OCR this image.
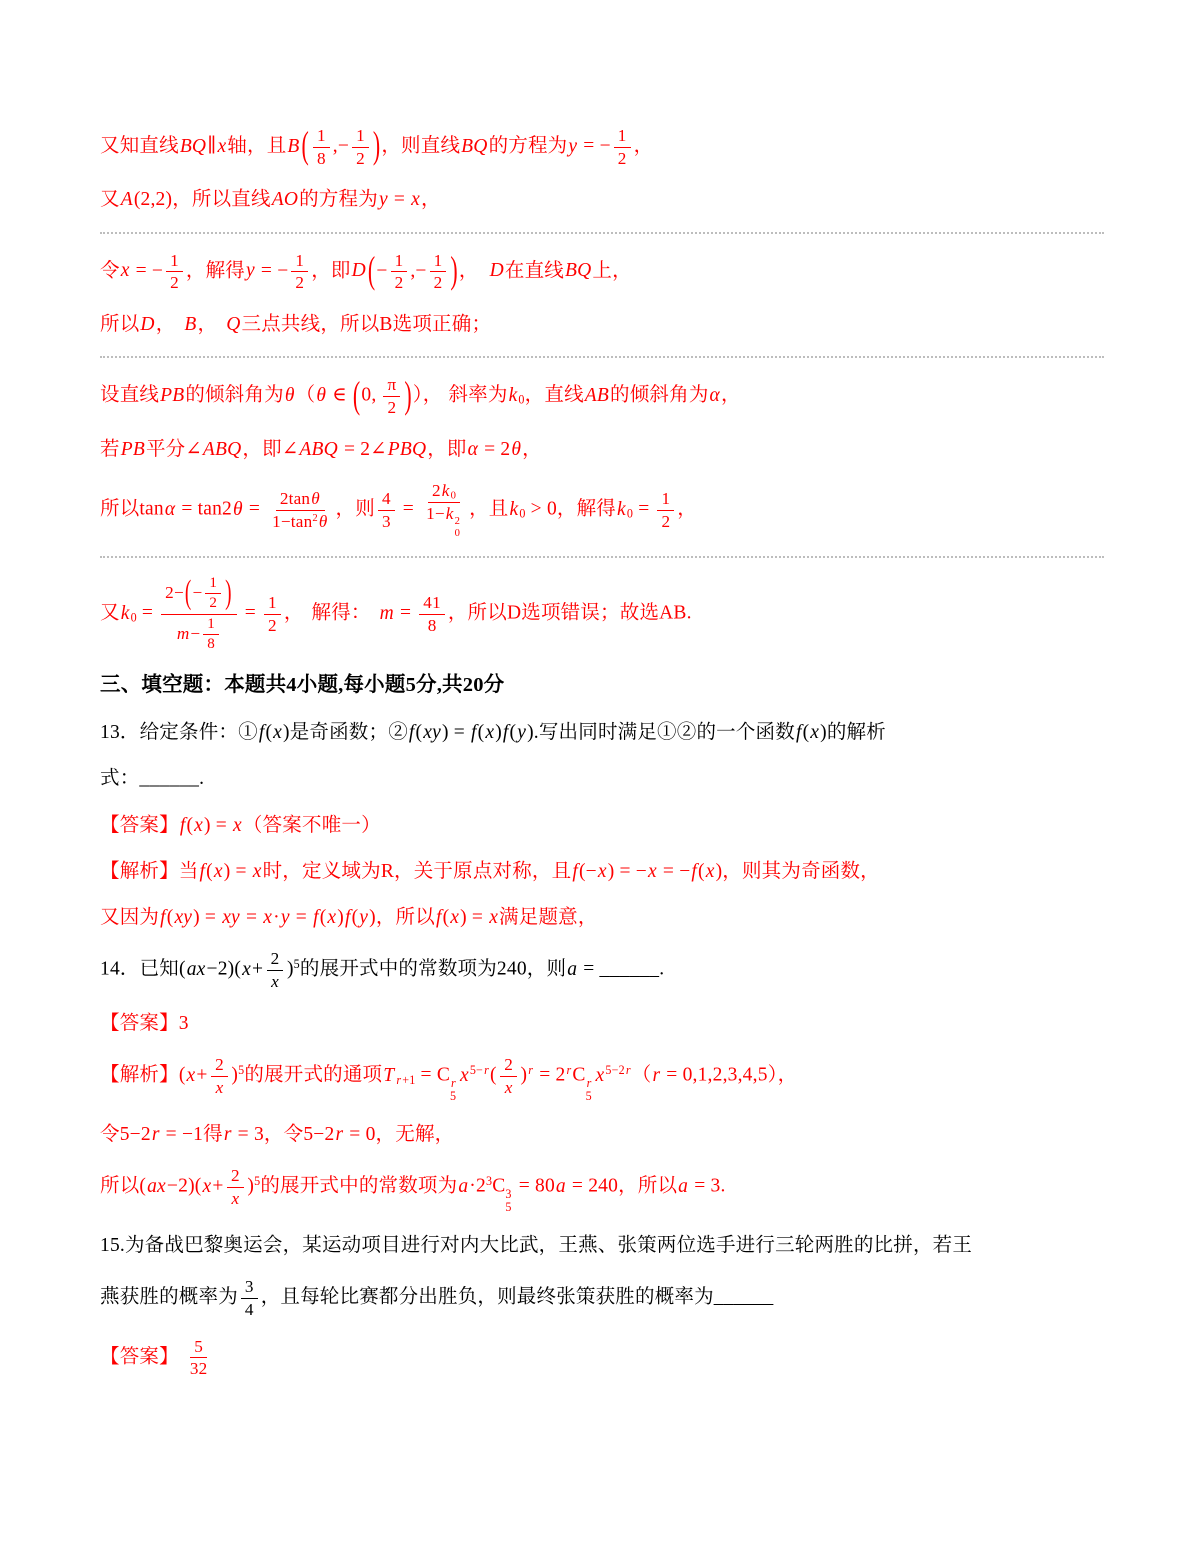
又知直线BQ∥x轴，且$B( \frac{1}{8}$ ,− $\frac{1}{2}$ )，则直线BQ的方程为y = − $\frac{1}{2}$ ，
又A(2,2)，所以直线AO的方程为y = x，
令x = − $\frac{1}{2}$ ，解得y = − $\frac{1}{2}$ ，即$D(- \frac{1}{2}$ ,− $\frac{1}{2}$ )， D在直线BQ上，
所以D， B， Q三点共线，所以B选项正确；
设直线PB的倾斜角为θ（θ ∈ (0, $\frac{\pi}{2}$ )）， 斜率为$k_0$，直线AB的倾斜角为α，
若PB平分∠ABQ，即∠ABQ = 2∠PBQ，即α = 2θ，
所以$\tan\alpha = \tan 2\theta = \frac{2\tan\theta}{1-\tan^2\theta}$ ，则 $\frac{4}{3} = 2k_0$
1−k 2
0 ，且$k_0 > 0$，解得$k_0 = \frac{1}{2}$ ，
又$k_0 = \frac{2-(- \frac{1}{2} )}{m- \frac{1}{8}} = \frac{1}{2}$ ， 解得： $m = \frac{41}{8}$ ，所以D选项错误；故选AB.
三、填空题：本题共4小题,每小题5分,共20分
13．给定条件：①f(x)是奇函数；②f(xy) = f(x)f(y).写出同时满足①②的一个函数f(x)的解析
式：______.
【答案】f(x) = x（答案不唯一）
【解析】当f(x) = x时，定义域为R，关于原点对称，且f(−x) = −x = −f(x)，则其为奇函数，
又因为f(xy) = xy = x·y = f(x)f(y)，所以f(x) = x满足题意，
14．已知$(ax-2)(x+ \frac{2}{x} )^5$的展开式中的常数项为240，则a = ______.
【答案】3
【解析】$(x+ \frac{2}{x} )^5$的展开式的通项T $_{r+1}$ = C r
5
$x^{5-r}( \frac{2}{x} )^r = 2^rC$ r
5
$x^{5-2r}(r = 0,1,2,3,4,5)$，
令5−2r = −1得r = 3，令5−2r = 0，无解，
所以$(ax-2)(x+ \frac{2}{x} )^5$的展开式中的常数项为$a\cdot 2^3C$ 3
5
= 80a = 240，所以a = 3.
15.为备战巴黎奥运会，某运动项目进行对内大比武，王燕、张策两位选手进行三轮两胜的比拼，若王
燕获胜的概率为 $\frac{3}{4}$ ，且每轮比赛都分出胜负，则最终张策获胜的概率为______
【答案】 $\frac{5}{32}$
